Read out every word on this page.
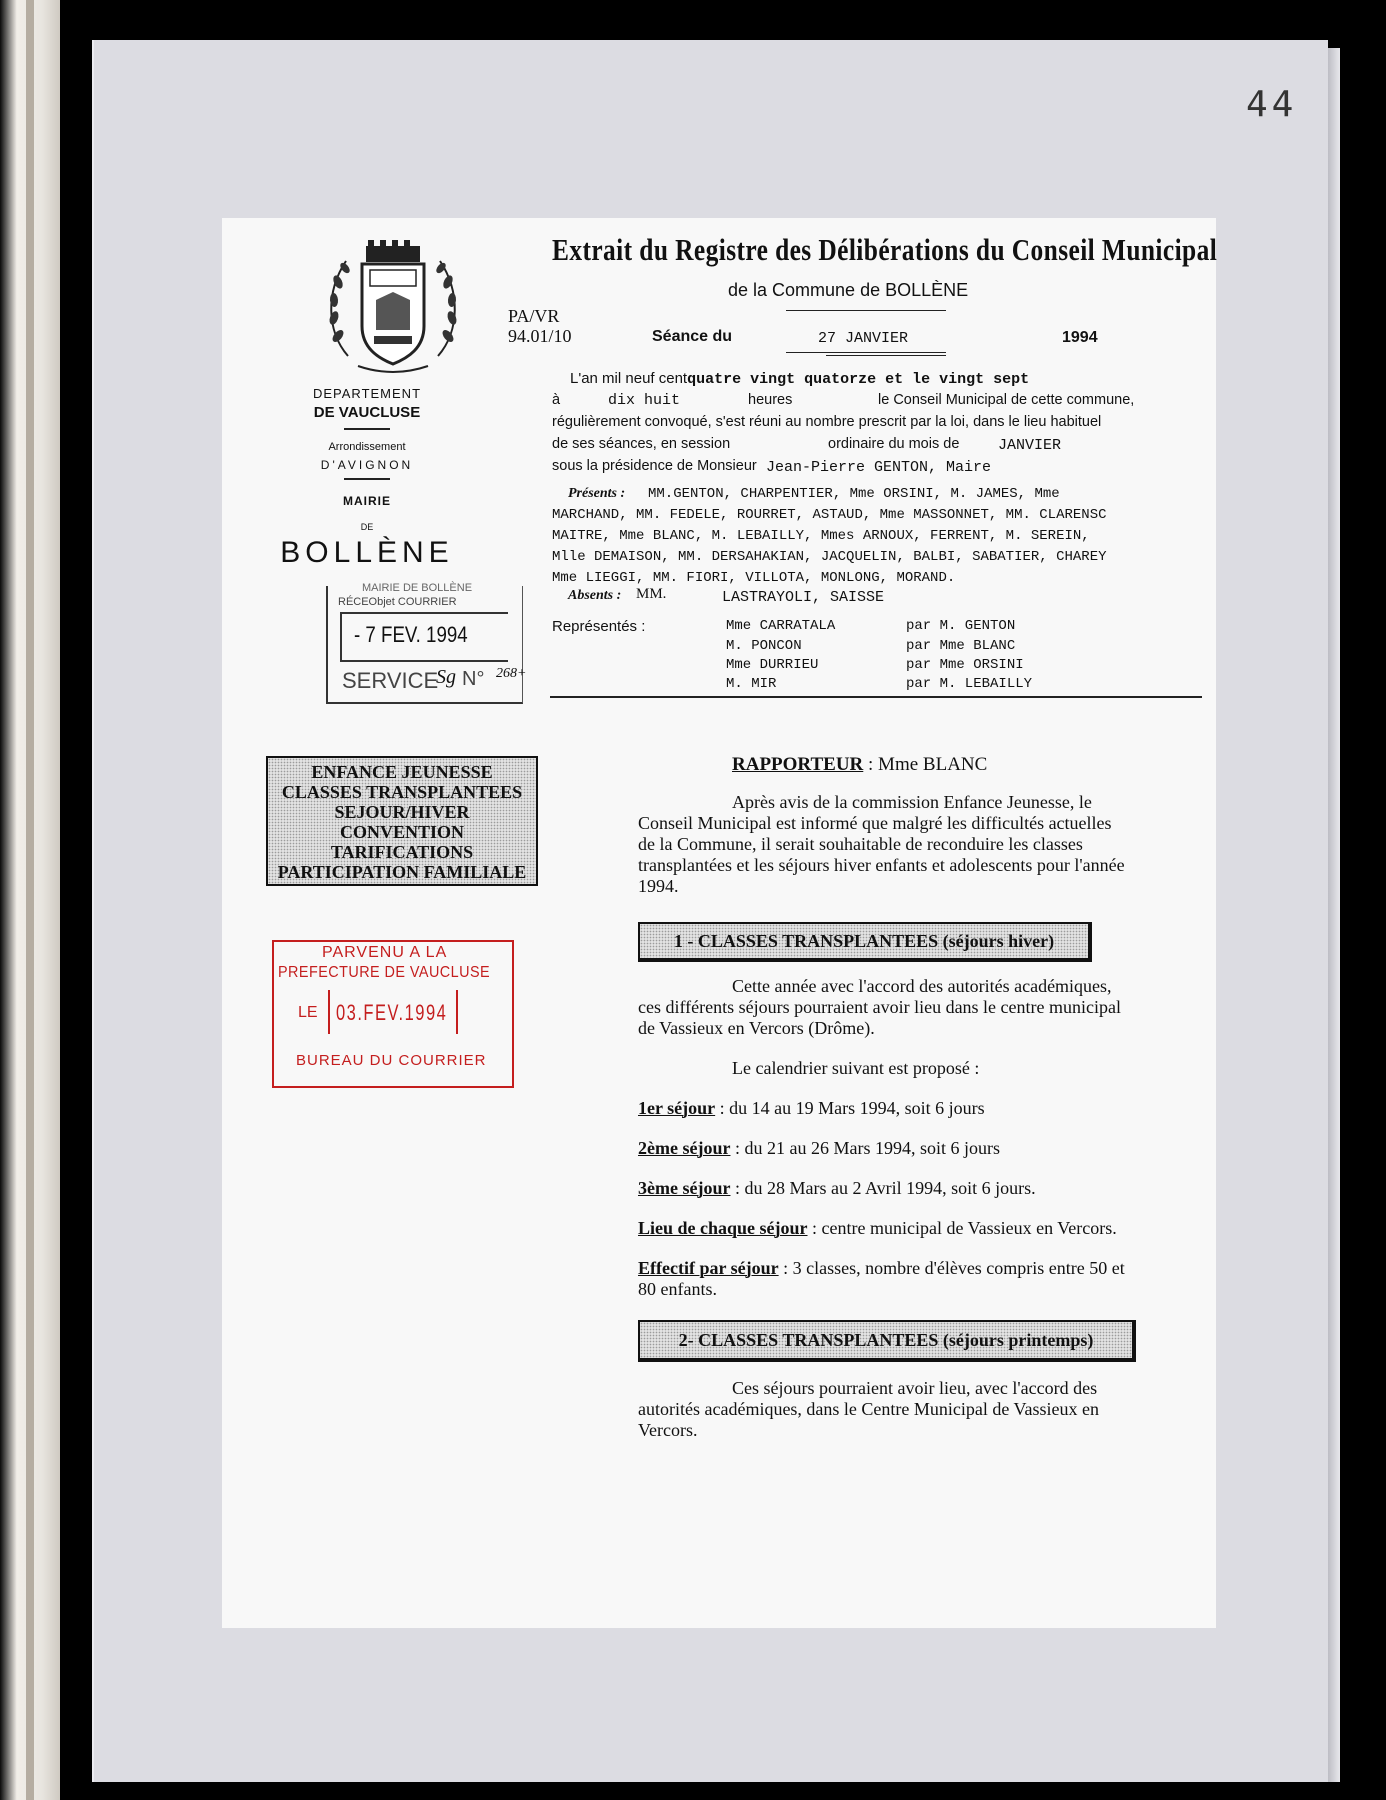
44
DEPARTEMENT
DE VAUCLUSE
Arrondissement
D'AVIGNON
MAIRIE
DE
BOLLÈNE
Extrait du Registre des Délibérations du Conseil Municipal
de la Commune de BOLLÈNE
PA/VR
94.01/10	Séance du	27 JANVIER	1994
L'an mil neuf centquatre vingt quatorze et le vingt sept
à	dix huit	heures	le Conseil Municipal de cette commune,
régulièrement convoqué, s'est réuni au nombre prescrit par la loi, dans le lieu habituel
de ses séances, en session	ordinaire du mois de	JANVIER
sous la présidence de Monsieur Jean-Pierre GENTON, Maire
Présents : MM.GENTON, CHARPENTIER, Mme ORSINI, M. JAMES, Mme
MARCHAND, MM. FEDELE, ROURRET, ASTAUD, Mme MASSONNET, MM. CLARENSC
MAITRE, Mme BLANC, M. LEBAILLY, Mmes ARNOUX, FERRENT, M. SEREIN,
Mlle DEMAISON, MM. DERSAHAKIAN, JACQUELIN, BALBI, SABATIER, CHAREY
Mme LIEGGI, MM. FIORI, VILLOTA, MONLONG, MORAND.
Absents : MM.	LASTRAYOLI, SAISSE
Représentés :	Mme CARRATALA	par M. GENTON
M. PONCON	par Mme BLANC
Mme DURRIEU	par Mme ORSINI
M. MIR	par M. LEBAILLY
MAIRIE DE BOLLÈNE
RÉCEObjet COURRIER
- 7 FEV. 1994
SERVICE
Sg N° 268+
ENFANCE JEUNESSE
CLASSES TRANSPLANTEES
SEJOUR/HIVER
CONVENTION
TARIFICATIONS
PARTICIPATION FAMILIALE
PARVENU A LA
PREFECTURE DE VAUCLUSE
LE 03.FEV.1994
BUREAU DU COURRIER
RAPPORTEUR : Mme BLANC
Après avis de la commission Enfance Jeunesse, le
Conseil Municipal est informé que malgré les difficultés actuelles
de la Commune, il serait souhaitable de reconduire les classes
transplantées et les séjours hiver enfants et adolescents pour l'année
1994.
1 - CLASSES TRANSPLANTEES (séjours hiver)
Cette année avec l'accord des autorités académiques,
ces différents séjours pourraient avoir lieu dans le centre municipal
de Vassieux en Vercors (Drôme).
Le calendrier suivant est proposé :
1er séjour : du 14 au 19 Mars 1994, soit 6 jours
2ème séjour : du 21 au 26 Mars 1994, soit 6 jours
3ème séjour : du 28 Mars au 2 Avril 1994, soit 6 jours.
Lieu de chaque séjour : centre municipal de Vassieux en Vercors.
Effectif par séjour : 3 classes, nombre d'élèves compris entre 50 et
80 enfants.
2- CLASSES TRANSPLANTEES (séjours printemps)
Ces séjours pourraient avoir lieu, avec l'accord des
autorités académiques, dans le Centre Municipal de Vassieux en
Vercors.
